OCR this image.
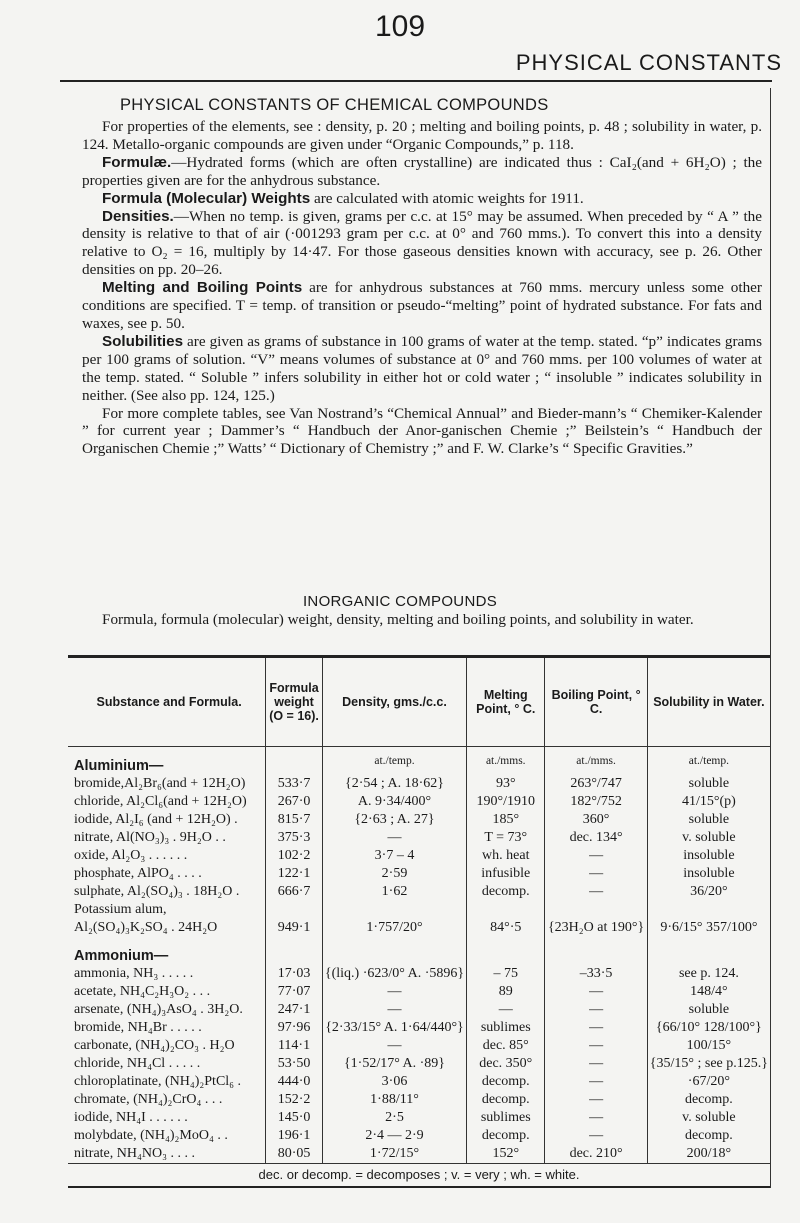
109
PHYSICAL CONSTANTS
PHYSICAL CONSTANTS OF CHEMICAL COMPOUNDS

For properties of the elements, see : density, p. 20 ; melting and boiling points, p. 48 ; solubility in water, p. 124. Metallo-organic compounds are given under “Organic Compounds,” p. 118.

Formulæ.—Hydrated forms (which are often crystalline) are indicated thus : CaI₂(and + 6H₂O) ; the properties given are for the anhydrous substance.

Formula (Molecular) Weights are calculated with atomic weights for 1911.

Densities.—When no temp. is given, grams per c.c. at 15° may be assumed. When preceded by “ A ” the density is relative to that of air (·001293 gram per c.c. at 0° and 760 mms.). To convert this into a density relative to O₂ = 16, multiply by 14·47. For those gaseous densities known with accuracy, see p. 26. Other densities on pp. 20–26.

Melting and Boiling Points are for anhydrous substances at 760 mms. mercury unless some other conditions are specified. T = temp. of transition or pseudo-“melting” point of hydrated substance. For fats and waxes, see p. 50.

Solubilities are given as grams of substance in 100 grams of water at the temp. stated. “p” indicates grams per 100 grams of solution. “V” means volumes of substance at 0° and 760 mms. per 100 volumes of water at the temp. stated. “ Soluble ” infers solubility in either hot or cold water ; “ insoluble ” indicates solubility in neither. (See also pp. 124, 125.)

For more complete tables, see Van Nostrand’s “Chemical Annual” and Bieder-mann’s “ Chemiker-Kalender ” for current year ; Dammer’s “ Handbuch der Anor-ganischen Chemie ;” Beilstein’s “ Handbuch der Organischen Chemie ;” Watts’ “ Dictionary of Chemistry ;” and F. W. Clarke’s “ Specific Gravities.”

INORGANIC COMPOUNDS
Formula, formula (molecular) weight, density, melting and boiling points, and solubility in water.
Substance and Formula.	Formula weight (O = 16).	Density, gms./c.c.	Melting Point, ° C.	Boiling Point, ° C.	Solubility in Water.
Aluminium—		at./temp.	at./mms.	at./mms.	at./temp.
bromide,Al₂Br₆(and + 12H₂O)	533·7	{2·54 ; A. 18·62}	93°	263°/747	soluble
chloride, Al₂Cl₆(and + 12H₂O)	267·0	A. 9·34/400°	190°/1910	182°/752	41/15°(p)
iodide, Al₂I₆ (and + 12H₂O) .	815·7	{2·63 ; A. 27}	185°	360°	soluble
nitrate, Al(NO₃)₃ . 9H₂O . .	375·3	—	T = 73°	dec. 134°	v. soluble
oxide, Al₂O₃ . . . . . .	102·2	3·7 – 4	wh. heat	—	insoluble
phosphate, AlPO₄ . . . .	122·1	2·59	infusible	—	insoluble
sulphate, Al₂(SO₄)₃ . 18H₂O .	666·7	1·62	decomp.	—	36/20°
Potassium alum,					
Al₂(SO₄)₃K₂SO₄ . 24H₂O	949·1	1·757/20°	84°·5	{23H₂O at 190°}	9·6/15° 357/100°
Ammonium—					
ammonia, NH₃ . . . . .	17·03	{(liq.) ·623/0° A. ·5896}	– 75	–33·5	see p. 124.
acetate, NH₄C₂H₃O₂ . . .	77·07	—	89	—	148/4°
arsenate, (NH₄)₃AsO₄ . 3H₂O.	247·1	—	—	—	soluble
bromide, NH₄Br . . . . .	97·96	{2·33/15° A. 1·64/440°}	sublimes	—	{66/10° 128/100°}
carbonate, (NH₄)₂CO₃ . H₂O	114·1	—	dec. 85°	—	100/15°
chloride, NH₄Cl . . . . .	53·50	{1·52/17° A. ·89}	dec. 350°	—	{35/15° ; see p.125.}
chloroplatinate, (NH₄)₂PtCl₆ .	444·0	3·06	decomp.	—	·67/20°
chromate, (NH₄)₂CrO₄ . . .	152·2	1·88/11°	decomp.	—	decomp.
iodide, NH₄I . . . . . .	145·0	2·5	sublimes	—	v. soluble
molybdate, (NH₄)₂MoO₄ . .	196·1	2·4 — 2·9	decomp.	—	decomp.
nitrate, NH₄NO₃ . . . .	80·05	1·72/15°	152°	dec. 210°	200/18°
dec. or decomp. = decomposes ; v. = very ; wh. = white.					
